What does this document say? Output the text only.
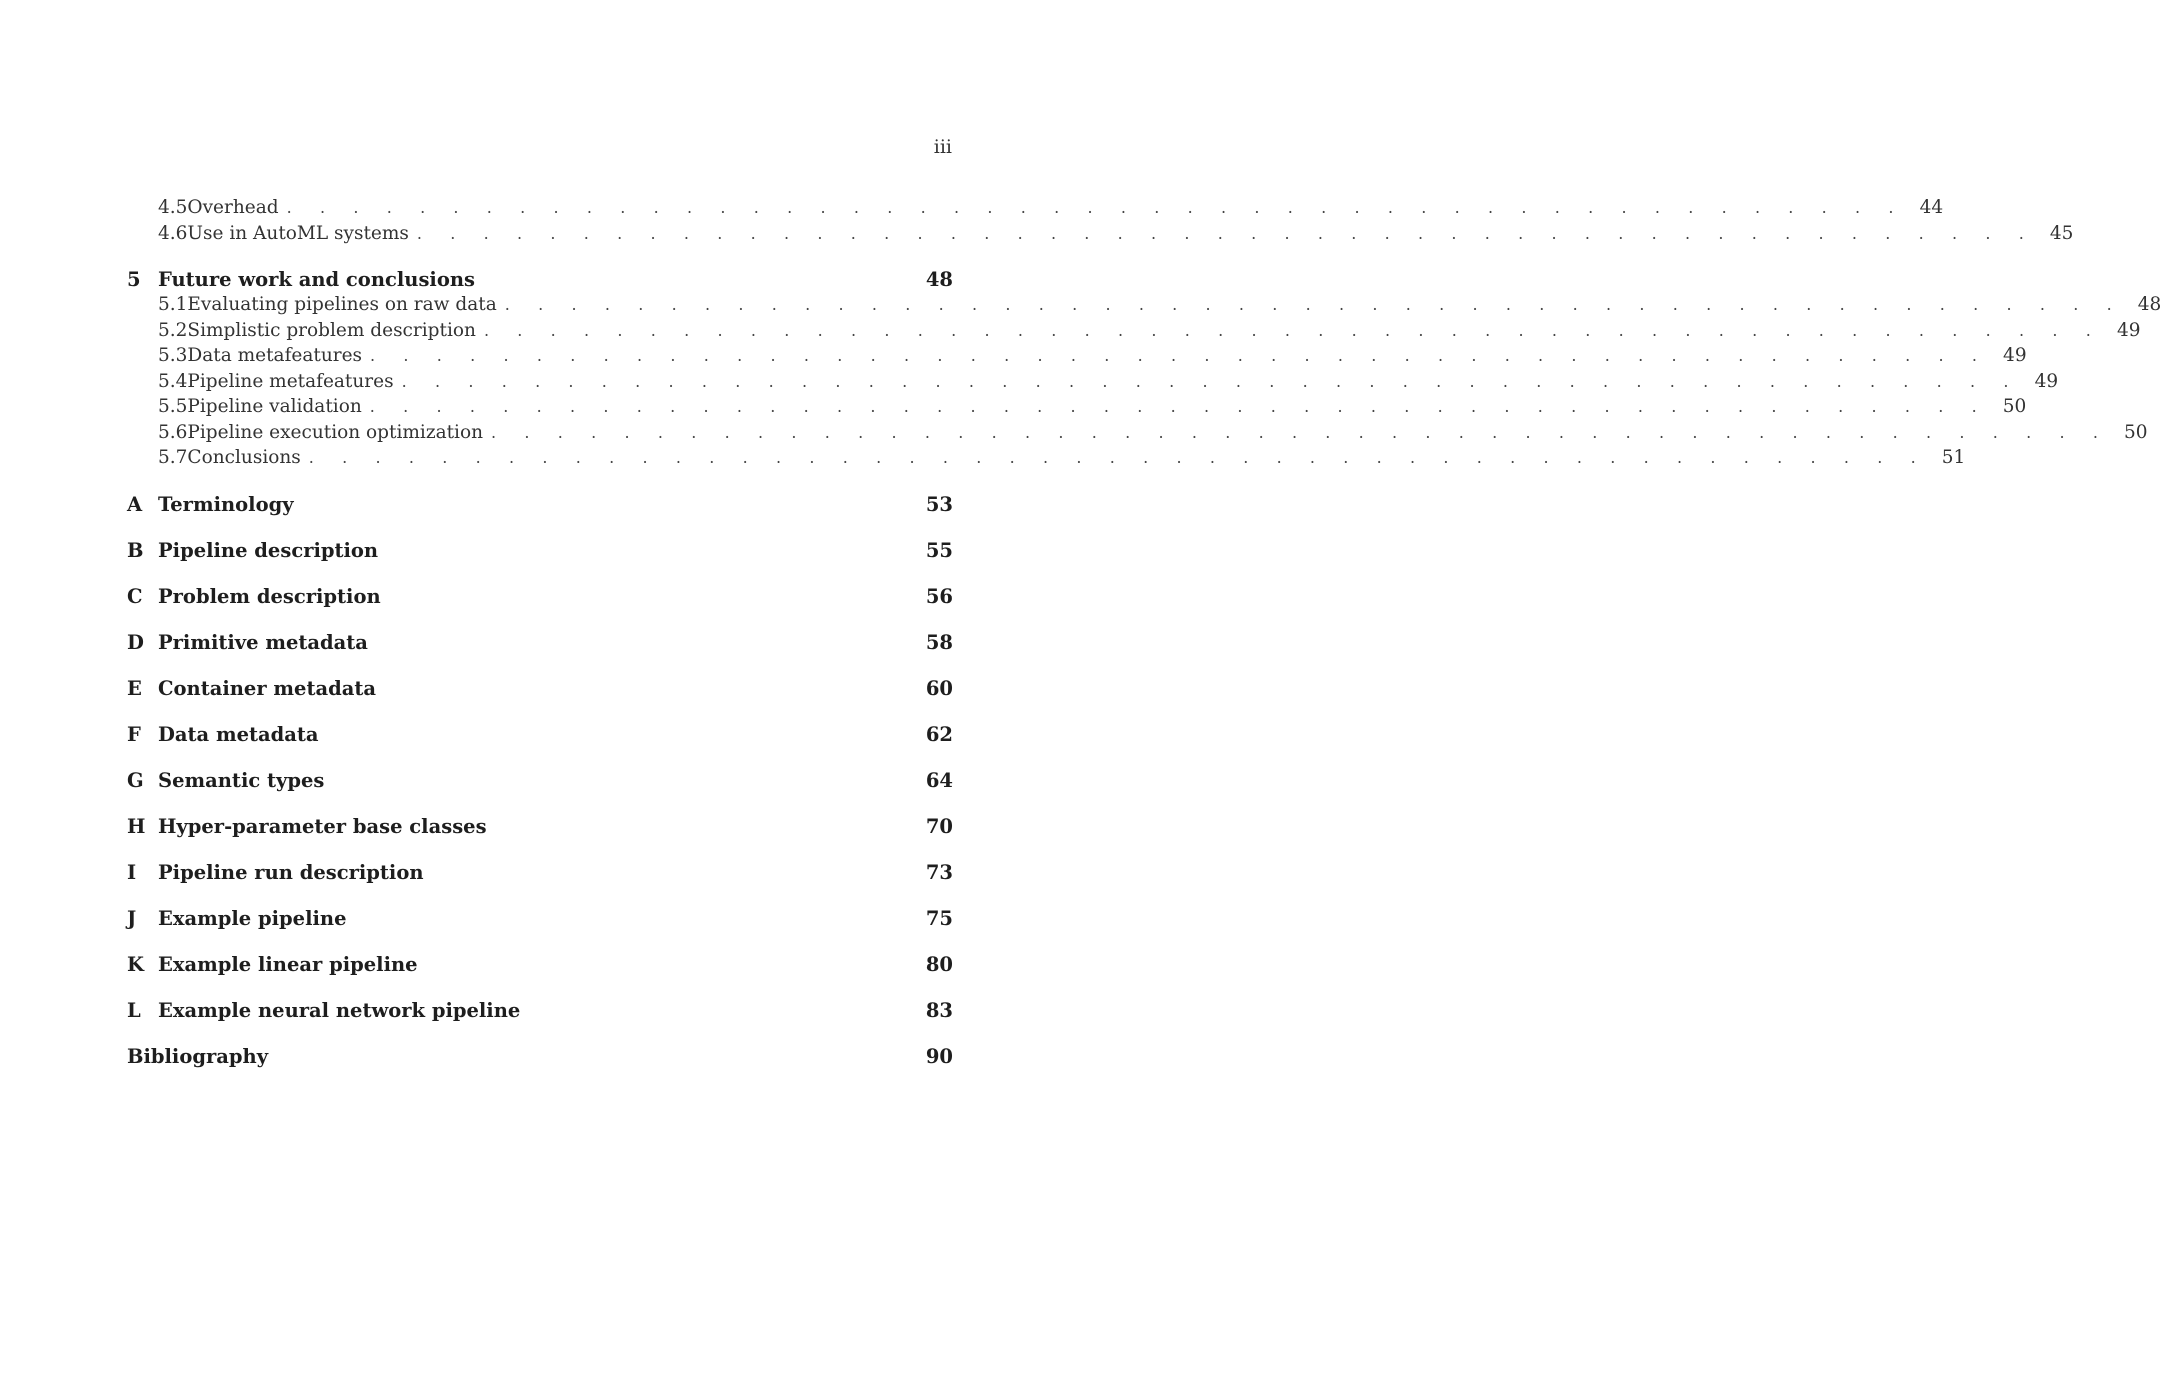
iii
4.5 Overhead . . . . . . . . . . . . . . . . . . . . . . . . . . . . . . . . . . . . . . . . . . . . . . . . . 44
4.6 Use in AutoML systems . . . . . . . . . . . . . . . . . . . . . . . . . . . . . . . . . . . . . . . . . . . . . . . . . 45
5 Future work and conclusions	48
5.1 Evaluating pipelines on raw data . . . . . . . . . . . . . . . . . . . . . . . . . . . . . . . . . . . . . . . . . . . . . . . . . 48
5.2 Simplistic problem description . . . . . . . . . . . . . . . . . . . . . . . . . . . . . . . . . . . . . . . . . . . . . . . . . 49
5.3 Data metafeatures . . . . . . . . . . . . . . . . . . . . . . . . . . . . . . . . . . . . . . . . . . . . . . . . . 49
5.4 Pipeline metafeatures . . . . . . . . . . . . . . . . . . . . . . . . . . . . . . . . . . . . . . . . . . . . . . . . . 49
5.5 Pipeline validation . . . . . . . . . . . . . . . . . . . . . . . . . . . . . . . . . . . . . . . . . . . . . . . . . 50
5.6 Pipeline execution optimization . . . . . . . . . . . . . . . . . . . . . . . . . . . . . . . . . . . . . . . . . . . . . . . . . 50
5.7 Conclusions . . . . . . . . . . . . . . . . . . . . . . . . . . . . . . . . . . . . . . . . . . . . . . . . . 51
A Terminology	53
B Pipeline description	55
C Problem description	56
D Primitive metadata	58
E Container metadata	60
F Data metadata	62
G Semantic types	64
H Hyper-parameter base classes	70
I	Pipeline run description	73
J	Example pipeline	75
K Example linear pipeline	80
L Example neural network pipeline	83
Bibliography	90
